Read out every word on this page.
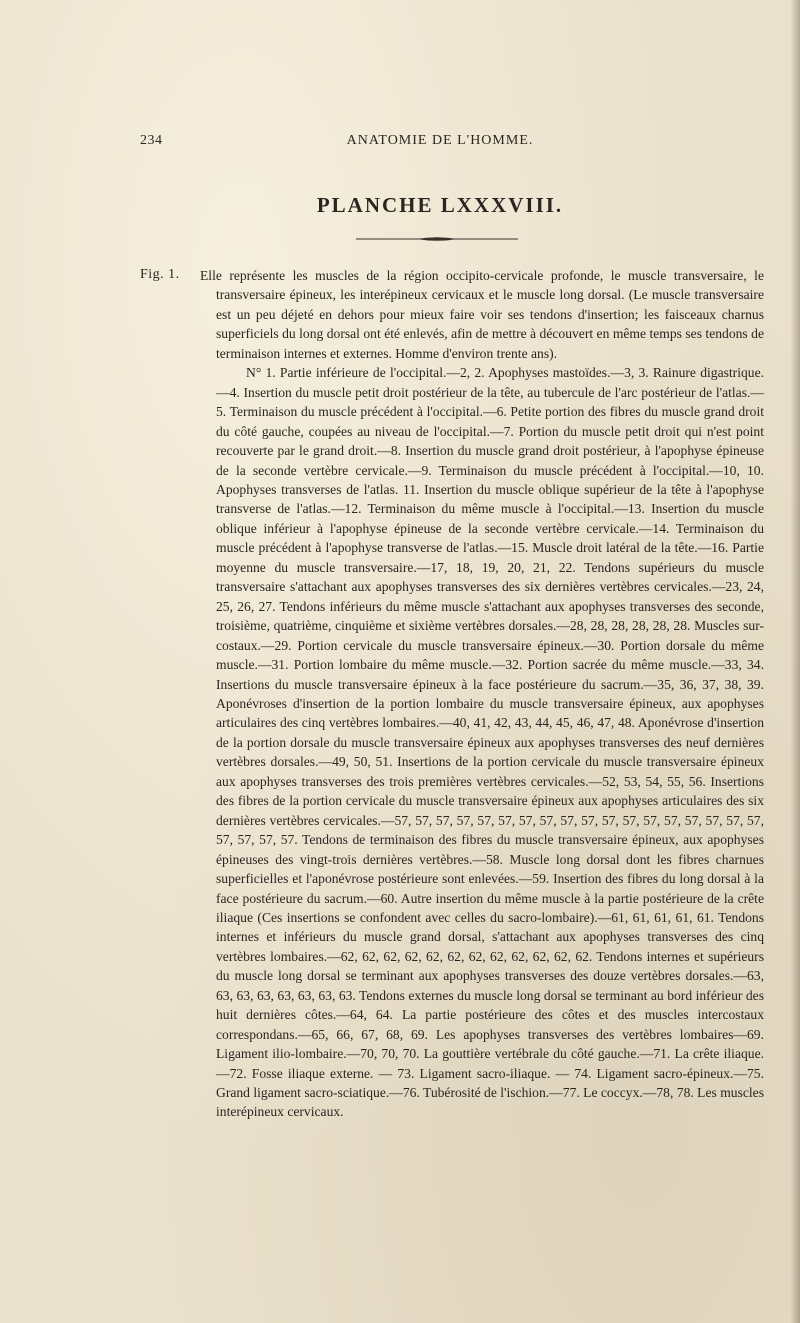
234	ANATOMIE DE L'HOMME.
PLANCHE LXXXVIII.
Fig. 1. Elle représente les muscles de la région occipito-cervicale profonde, le muscle transversaire, le transversaire épineux, les interépineux cervicaux et le muscle long dorsal. (Le muscle transversaire est un peu déjeté en dehors pour mieux faire voir ses tendons d'insertion; les faisceaux charnus superficiels du long dorsal ont été enlevés, afin de mettre à découvert en même temps ses tendons de terminaison internes et externes. Homme d'environ trente ans).

N° 1. Partie inférieure de l'occipital.—2, 2. Apophyses mastoïdes.—3, 3. Rainure digastrique.—4. Insertion du muscle petit droit postérieur de la tête, au tubercule de l'arc postérieur de l'atlas.—5. Terminaison du muscle précédent à l'occipital.—6. Petite portion des fibres du muscle grand droit du côté gauche, coupées au niveau de l'occipital.—7. Portion du muscle petit droit qui n'est point recouverte par le grand droit.—8. Insertion du muscle grand droit postérieur, à l'apophyse épineuse de la seconde vertèbre cervicale.—9. Terminaison du muscle précédent à l'occipital.—10, 10. Apophyses transverses de l'atlas. 11. Insertion du muscle oblique supérieur de la tête à l'apophyse transverse de l'atlas.—12. Terminaison du même muscle à l'occipital.—13. Insertion du muscle oblique inférieur à l'apophyse épineuse de la seconde vertèbre cervicale.—14. Terminaison du muscle précédent à l'apophyse transverse de l'atlas.—15. Muscle droit latéral de la tête.—16. Partie moyenne du muscle transversaire.—17, 18, 19, 20, 21, 22. Tendons supérieurs du muscle transversaire s'attachant aux apophyses transverses des six dernières vertèbres cervicales.—23, 24, 25, 26, 27. Tendons inférieurs du même muscle s'attachant aux apophyses transverses des seconde, troisième, quatrième, cinquième et sixième vertèbres dorsales.—28, 28, 28, 28, 28, 28. Muscles sur-costaux.—29. Portion cervicale du muscle transversaire épineux.—30. Portion dorsale du même muscle.—31. Portion lombaire du même muscle.—32. Portion sacrée du même muscle.—33, 34. Insertions du muscle transversaire épineux à la face postérieure du sacrum.—35, 36, 37, 38, 39. Aponévroses d'insertion de la portion lombaire du muscle transversaire épineux, aux apophyses articulaires des cinq vertèbres lombaires.—40, 41, 42, 43, 44, 45, 46, 47, 48. Aponévrose d'insertion de la portion dorsale du muscle transversaire épineux aux apophyses transverses des neuf dernières vertèbres dorsales.—49, 50, 51. Insertions de la portion cervicale du muscle transversaire épineux aux apophyses transverses des trois premières vertèbres cervicales.—52, 53, 54, 55, 56. Insertions des fibres de la portion cervicale du muscle transversaire épineux aux apophyses articulaires des six dernières vertèbres cervicales.—57, 57, 57, 57, 57, 57, 57, 57, 57, 57, 57, 57, 57, 57, 57, 57, 57, 57, 57, 57, 57, 57. Tendons de terminaison des fibres du muscle transversaire épineux, aux apophyses épineuses des vingt-trois dernières vertèbres.—58. Muscle long dorsal dont les fibres charnues superficielles et l'aponévrose postérieure sont enlevées.—59. Insertion des fibres du long dorsal à la face postérieure du sacrum.—60. Autre insertion du même muscle à la partie postérieure de la crête iliaque (Ces insertions se confondent avec celles du sacro-lombaire).—61, 61, 61, 61, 61. Tendons internes et inférieurs du muscle grand dorsal, s'attachant aux apophyses transverses des cinq vertèbres lombaires.—62, 62, 62, 62, 62, 62, 62, 62, 62, 62, 62, 62. Tendons internes et supérieurs du muscle long dorsal se terminant aux apophyses transverses des douze vertèbres dorsales.—63, 63, 63, 63, 63, 63, 63, 63. Tendons externes du muscle long dorsal se terminant au bord inférieur des huit dernières côtes.—64, 64. La partie postérieure des côtes et des muscles intercostaux correspondans.—65, 66, 67, 68, 69. Les apophyses transverses des vertèbres lombaires—69. Ligament ilio-lombaire.—70, 70, 70. La gouttière vertébrale du côté gauche.—71. La crête iliaque.—72. Fosse iliaque externe. — 73. Ligament sacro-iliaque. — 74. Ligament sacro-épineux.—75. Grand ligament sacro-sciatique.—76. Tubérosité de l'ischion.—77. Le coccyx.—78, 78. Les muscles interépineux cervicaux.
